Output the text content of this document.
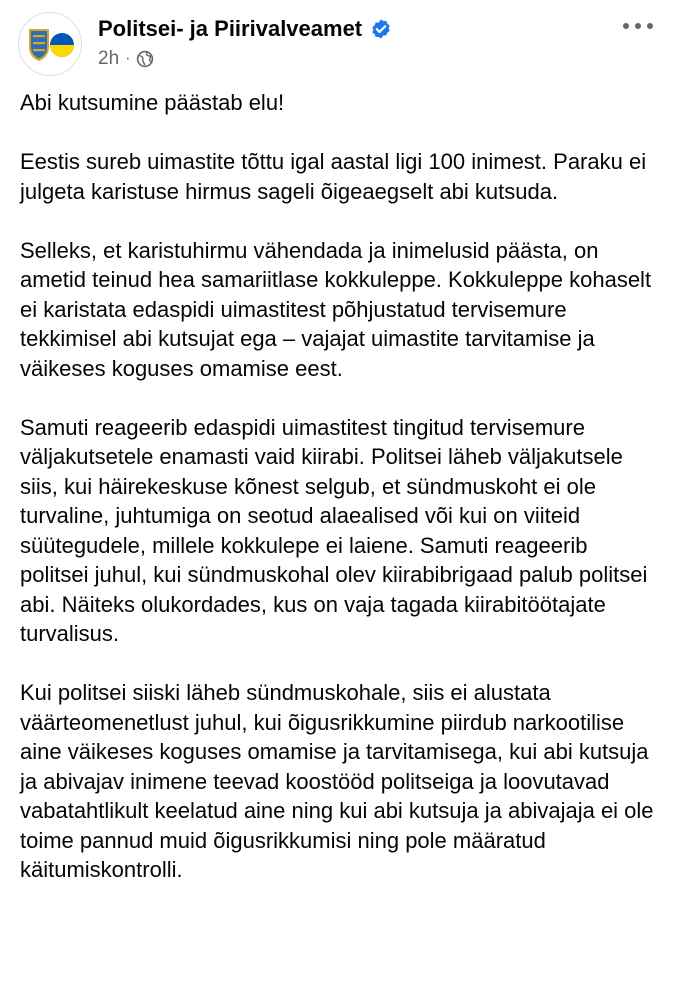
Politsei- ja Piirivalveamet
2h ·

Abi kutsumine päästab elu!

Eestis sureb uimastite tõttu igal aastal ligi 100 inimest. Paraku ei julgeta karistuse hirmus sageli õigeaegselt abi kutsuda.

Selleks, et karistuhirmu vähendada ja inimelusid päästa, on ametid teinud hea samariitlase kokkuleppe. Kokkuleppe kohaselt ei karistata edaspidi uimastitest põhjustatud tervisemure tekkimisel abi kutsujat ega – vajajat uimastite tarvitamise ja väikeses koguses omamise eest.

Samuti reageerib edaspidi uimastitest tingitud tervisemure väljakutsetele enamasti vaid kiirabi. Politsei läheb väljakutsele siis, kui häirekeskuse kõnest selgub, et sündmuskoht ei ole turvaline, juhtumiga on seotud alaealised või kui on viiteid süütegudele, millele kokkulepe ei laiene. Samuti reageerib politsei juhul, kui sündmuskohal olev kiirabibrigaad palub politsei abi. Näiteks olukordades, kus on vaja tagada kiirabitöötajate turvalisus.

Kui politsei siiski läheb sündmuskohale, siis ei alustata väärteomenetlust juhul, kui õigusrikkumine piirdub narkootilise aine väikeses koguses omamise ja tarvitamisega, kui abi kutsuja ja abivajav inimene teevad koostööd politseiga ja loovutavad vabatahtlikult keelatud aine ning kui abi kutsuja ja abivajaja ei ole toime pannud muid õigusrikkumisi ning pole määratud käitumiskontrolli.
